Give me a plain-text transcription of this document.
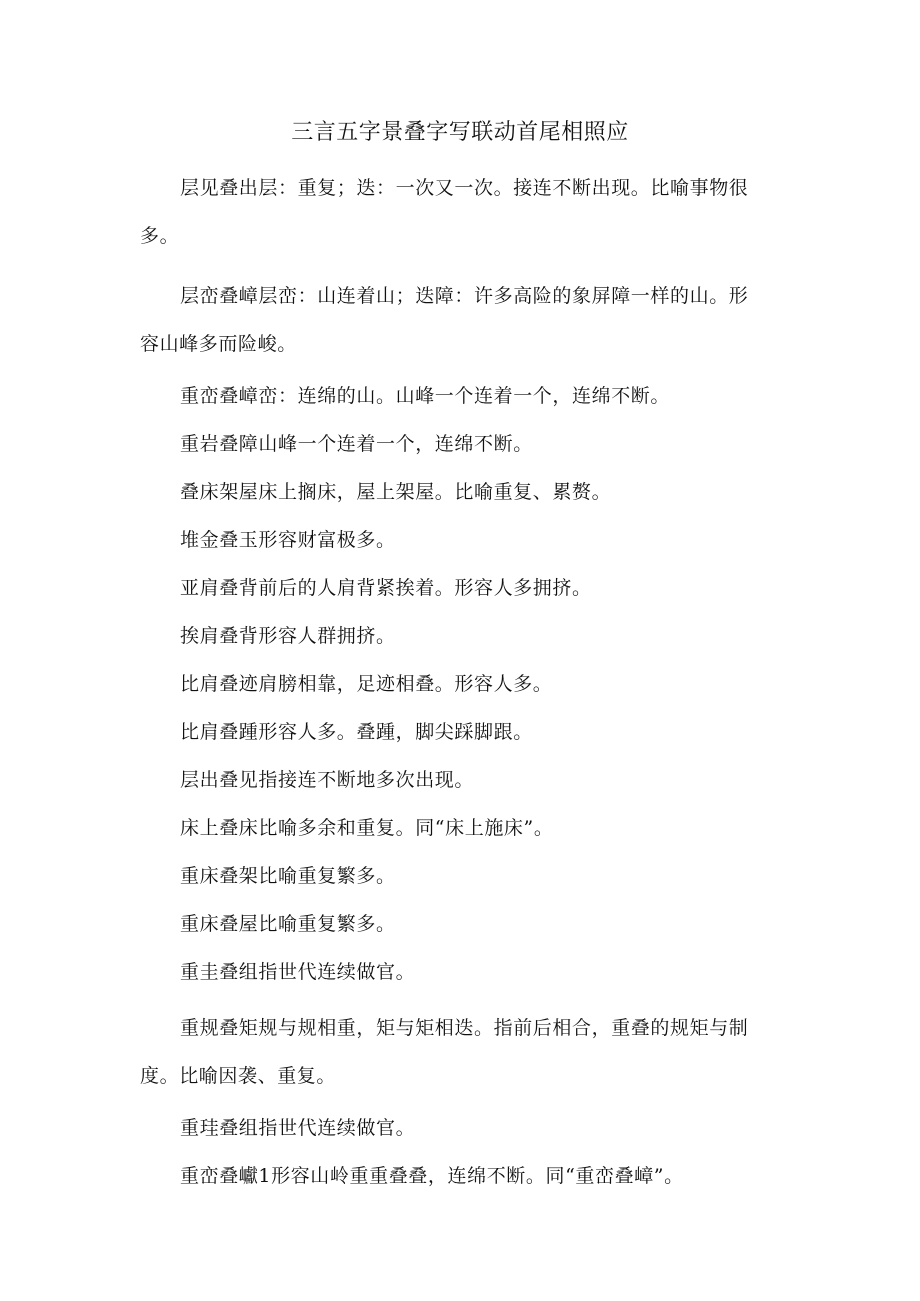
三言五字景叠字写联动首尾相照应

层见叠出层：重复；迭：一次又一次。接连不断出现。比喻事物很多。

层峦叠嶂层峦：山连着山；迭障：许多高险的象屏障一样的山。形容山峰多而险峻。

重峦叠嶂峦：连绵的山。山峰一个连着一个，连绵不断。

重岩叠障山峰一个连着一个，连绵不断。

叠床架屋床上搁床，屋上架屋。比喻重复、累赘。

堆金叠玉形容财富极多。

亚肩叠背前后的人肩背紧挨着。形容人多拥挤。

挨肩叠背形容人群拥挤。

比肩叠迹肩膀相靠，足迹相叠。形容人多。

比肩叠踵形容人多。叠踵，脚尖踩脚跟。

层出叠见指接连不断地多次出现。

床上叠床比喻多余和重复。同“床上施床”。

重床叠架比喻重复繁多。

重床叠屋比喻重复繁多。

重圭叠组指世代连续做官。

重规叠矩规与规相重，矩与矩相迭。指前后相合，重叠的规矩与制度。比喻因袭、重复。

重珪叠组指世代连续做官。

重峦叠巘1形容山岭重重叠叠，连绵不断。同“重峦叠嶂”。
